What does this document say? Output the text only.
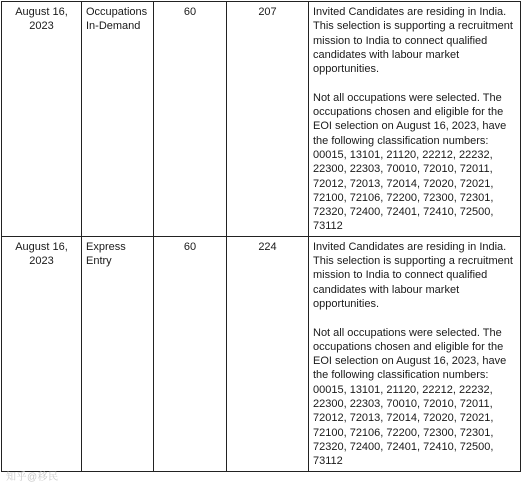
August 16, 2023	Occupations In-Demand	60	207	Invited Candidates are residing in India. This selection is supporting a recruitment mission to India to connect qualified candidates with labour market opportunities.

Not all occupations were selected. The occupations chosen and eligible for the EOI selection on August 16, 2023, have the following classification numbers: 00015, 13101, 21120, 22212, 22232, 22300, 22303, 70010, 72010, 72011, 72012, 72013, 72014, 72020, 72021, 72100, 72106, 72200, 72300, 72301, 72320, 72400, 72401, 72410, 72500, 73112

August 16, 2023	Express Entry	60	224	Invited Candidates are residing in India. This selection is supporting a recruitment mission to India to connect qualified candidates with labour market opportunities.

Not all occupations were selected. The occupations chosen and eligible for the EOI selection on August 16, 2023, have the following classification numbers: 00015, 13101, 21120, 22212, 22232, 22300, 22303, 70010, 72010, 72011, 72012, 72013, 72014, 72020, 72021, 72100, 72106, 72200, 72300, 72301, 72320, 72400, 72401, 72410, 72500, 73112

知乎@移民
